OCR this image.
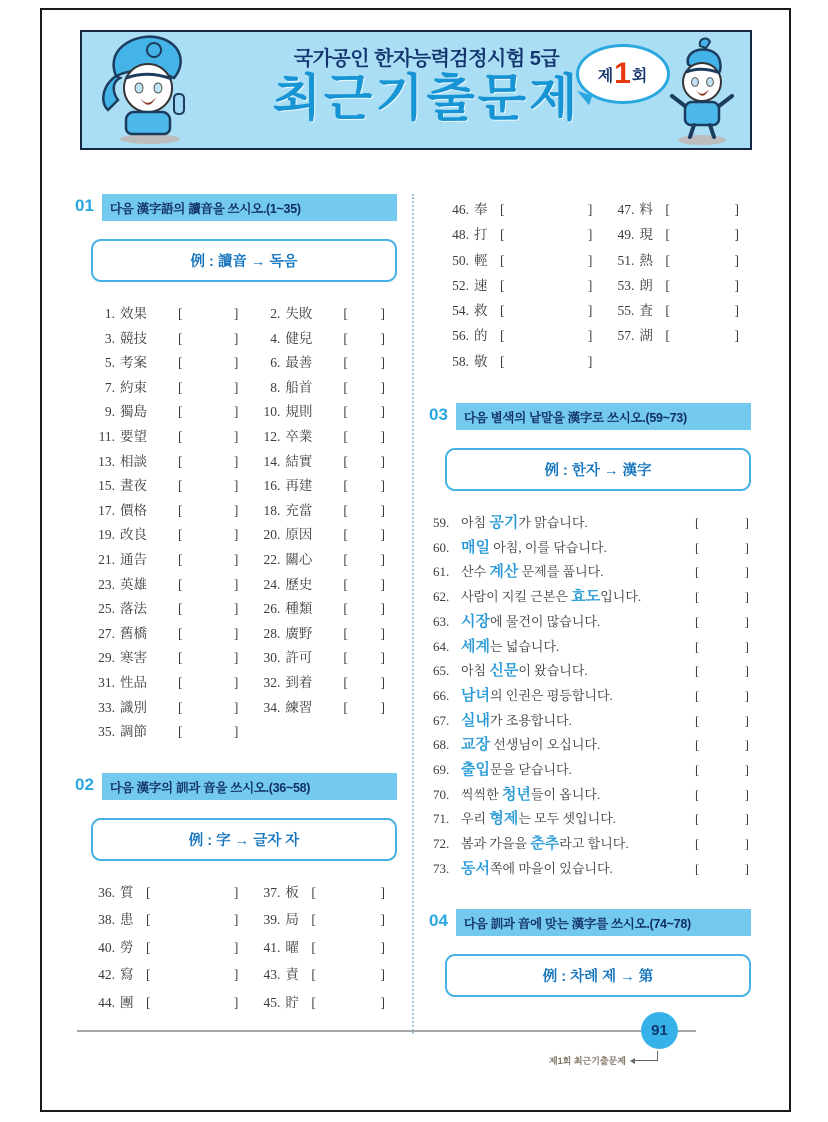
국가공인 한자능력검정시험 5급
최근기출문제	제 1 회
01	다음 漢字語의 讀音을 쓰시오.(1~35)
例 : 讀音 → 독음
1. 效果	[	]	2. 失敗	[ ]
3. 競技	[	]	4. 健兒	[ ]
5. 考案	[	]	6. 最善	[ ]
7. 約束	[	]	8. 船首	[ ]
9. 獨島	[	]	10. 規則	[ ]
11. 要望	[	]	12. 卒業	[ ]
13. 相談	[	]	14. 結實	[ ]
15. 晝夜	[	]	16. 再建	[ ]
17. 價格	[	]	18. 充當	[ ]
19. 改良	[	]	20. 原因	[ ]
21. 通告	[	]	22. 關心	[ ]
23. 英雄	[	]	24. 歷史	[ ]
25. 落法	[	]	26. 種類	[ ]
27. 舊橋	[	]	28. 廣野	[ ]
29. 寒害	[	]	30. 許可	[ ]
31. 性品	[	]	32. 到着	[ ]
33. 識別	[	]	34. 練習	[ ]
35. 調節	[	]
02	다음 漢字의 訓과 音을 쓰시오.(36~58)
例 : 字 → 글자 자
36. 質 [	]	37. 板 [	]
38. 患 [	]	39. 局 [	]
40. 勞 [	]	41. 曜 [	]
42. 寫 [	]	43. 責 [	]
44. 團 [	]	45. 貯 [	]
46. 奉 [	]	47. 料 [	]
48. 打 [	]	49. 現 [	]
50. 輕 [	]	51. 熱 [	]
52. 速 [	]	53. 朗 [	]
54. 救 [	]	55. 査 [	]
56. 的 [	]	57. 湖 [	]
58. 敬 [	]
03	다음 별색의 낱말을 漢字로 쓰시오.(59~73)
例 : 한자 → 漢字
59. 아침 공기가 맑습니다.	[	]
60. 매일 아침, 이를 닦습니다.	[	]
61. 산수 계산 문제를 풉니다.	[	]
62. 사람이 지킬 근본은 효도입니다.	[	]
63. 시장에 물건이 많습니다.	[	]
64. 세계는 넓습니다.	[	]
65. 아침 신문이 왔습니다.	[	]
66. 남녀의 인권은 평등합니다.	[	]
67. 실내가 조용합니다.	[	]
68. 교장 선생님이 오십니다.	[	]
69. 출입문을 닫습니다.	[	]
70. 씩씩한 청년들이 옵니다.	[	]
71. 우리 형제는 모두 셋입니다.	[	]
72. 봄과 가을을 춘추라고 합니다.	[	]
73. 동서쪽에 마을이 있습니다.	[	]
04	다음 訓과 音에 맞는 漢字를 쓰시오.(74~78)
例 : 차례 제 → 第
91
제1회 최근기출문제
